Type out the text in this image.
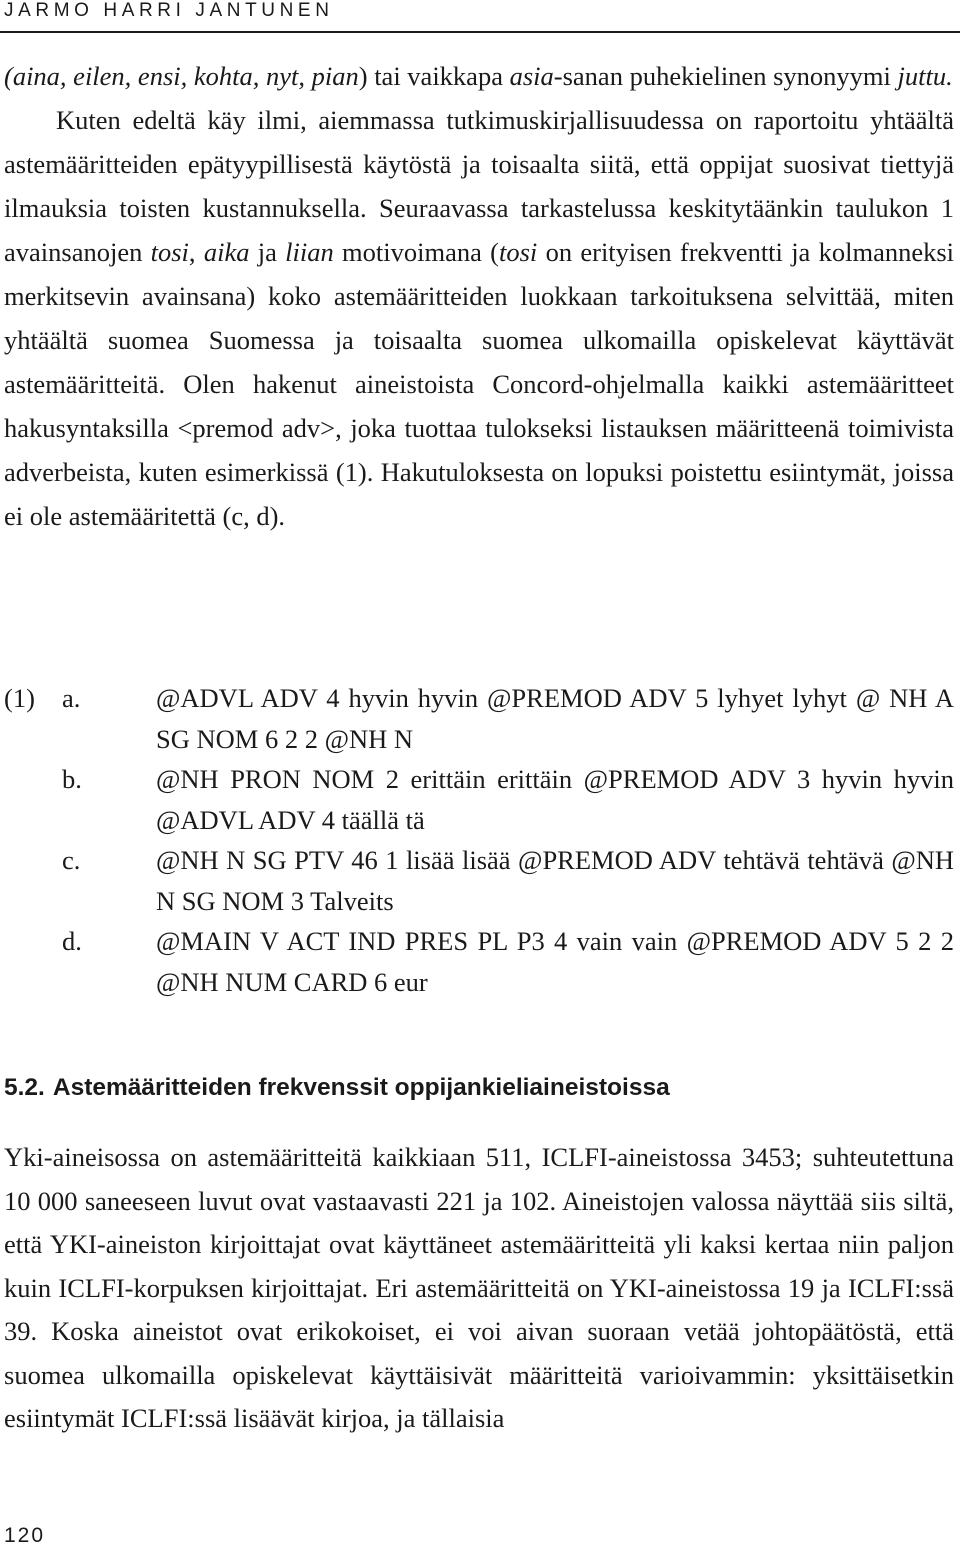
JARMO HARRI JANTUNEN

(aina, eilen, ensi, kohta, nyt, pian) tai vaikkapa asia-sanan puhekielinen synonyymi juttu.

Kuten edeltä käy ilmi, aiemmassa tutkimuskirjallisuudessa on raportoitu yhtäältä astemääritteiden epätyypillisestä käytöstä ja toisaalta siitä, että oppijat suosivat tiettyjä ilmauksia toisten kustannuksella. Seuraavassa tarkastelussa keskitytäänkin taulukon 1 avainsanojen tosi, aika ja liian motivoimana (tosi on erityisen frekventti ja kolmanneksi merkitsevin avainsana) koko astemääritteiden luokkaan tarkoituksena selvittää, miten yhtäältä suomea Suomessa ja toisaalta suomea ulkomailla opiskelevat käyttävät astemääritteitä. Olen hakenut aineistoista Concord-ohjelmalla kaikki astemääritteet hakusyntaksilla <premod adv>, joka tuottaa tulokseksi listauksen määritteenä toimivista adverbeista, kuten esimerkissä (1). Hakutuloksesta on lopuksi poistettu esiintymät, joissa ei ole astemääritettä (c, d).

(1)	a.	@ADVL ADV 4 hyvin hyvin @PREMOD ADV 5 lyhyet lyhyt @ NH A SG NOM 6 2 2 @NH N
b.	@NH PRON NOM 2 erittäin erittäin @PREMOD ADV 3 hyvin hyvin @ADVL ADV 4 täällä tä
c.	@NH N SG PTV 46 1 lisää lisää @PREMOD ADV tehtävä tehtävä @NH N SG NOM 3 Talveits
d.	@MAIN V ACT IND PRES PL P3 4 vain vain @PREMOD ADV 5 2 2 @NH NUM CARD 6 eur
5.2. Astemääritteiden frekvenssit oppijankieliaineistoissa

Yki-aineisossa on astemääritteitä kaikkiaan 511, ICLFI-aineistossa 3453; suhteutettuna 10 000 saneeseen luvut ovat vastaavasti 221 ja 102. Aineistojen valossa näyttää siis siltä, että YKI-aineiston kirjoittajat ovat käyttäneet astemääritteitä yli kaksi kertaa niin paljon kuin ICLFI-korpuksen kirjoittajat. Eri astemääritteitä on YKI-aineistossa 19 ja ICLFI:ssä 39. Koska aineistot ovat erikokoiset, ei voi aivan suoraan vetää johtopäätöstä, että suomea ulkomailla opiskelevat käyttäisivät määritteitä varioivammin: yksittäisetkin esiintymät ICLFI:ssä lisäävät kirjoa, ja tällaisia

120
